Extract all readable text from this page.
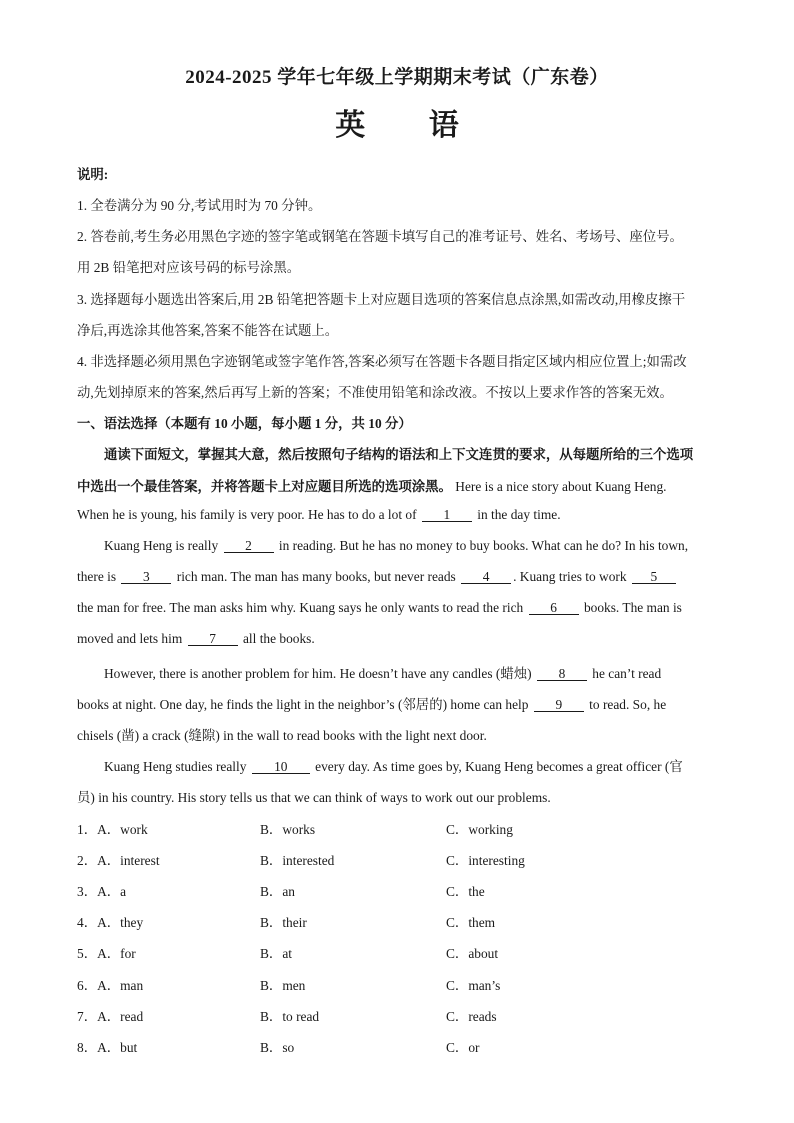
2024-2025 学年七年级上学期期末考试（广东卷）
英 语
说明:
1. 全卷满分为 90 分,考试用时为 70 分钟。
2. 答卷前,考生务必用黑色字迹的签字笔或钢笔在答题卡填写自己的准考证号、姓名、考场号、座位号。
用 2B 铅笔把对应该号码的标号涂黑。
3. 选择题每小题选出答案后,用 2B 铅笔把答题卡上对应题目选项的答案信息点涂黑,如需改动,用橡皮擦干
净后,再选涂其他答案,答案不能答在试题上。
4. 非选择题必须用黑色字迹钢笔或签字笔作答,答案必须写在答题卡各题目指定区域内相应位置上;如需改
动,先划掉原来的答案,然后再写上新的答案；不准使用铅笔和涂改液。不按以上要求作答的答案无效。
一、语法选择（本题有 10 小题，每小题 1 分，共 10 分）
通读下面短文，掌握其大意，然后按照句子结构的语法和上下文连贯的要求，从每题所给的三个选项
中选出一个最佳答案，并将答题卡上对应题目所选的选项涂黑。 Here is a nice story about Kuang Heng.
When he is young, his family is very poor. He has to do a lot of 1 in the day time.
Kuang Heng is really 2 in reading. But he has no money to buy books. What can he do? In his town,
there is 3 rich man. The man has many books, but never reads 4 . Kuang tries to work 5
the man for free. The man asks him why. Kuang says he only wants to read the rich 6 books. The man is
moved and lets him 7 all the books.
However, there is another problem for him. He doesn’t have any candles (蜡烛) 8 he can’t read
books at night. One day, he finds the light in the neighbor’s (邻居的) home can help 9 to read. So, he
chisels (凿) a crack (缝隙) in the wall to read books with the light next door.
Kuang Heng studies really 10 every day. As time goes by, Kuang Heng becomes a great officer (官
员) in his country. His story tells us that we can think of ways to work out our problems.
1．A．work	B．works	C．working
2．A．interest	B．interested	C．interesting
3．A．a	B．an	C．the
4．A．they	B．their	C．them
5．A．for	B．at	C．about
6．A．man	B．men	C．man’s
7．A．read	B．to read	C．reads
8．A．but	B．so	C．or
